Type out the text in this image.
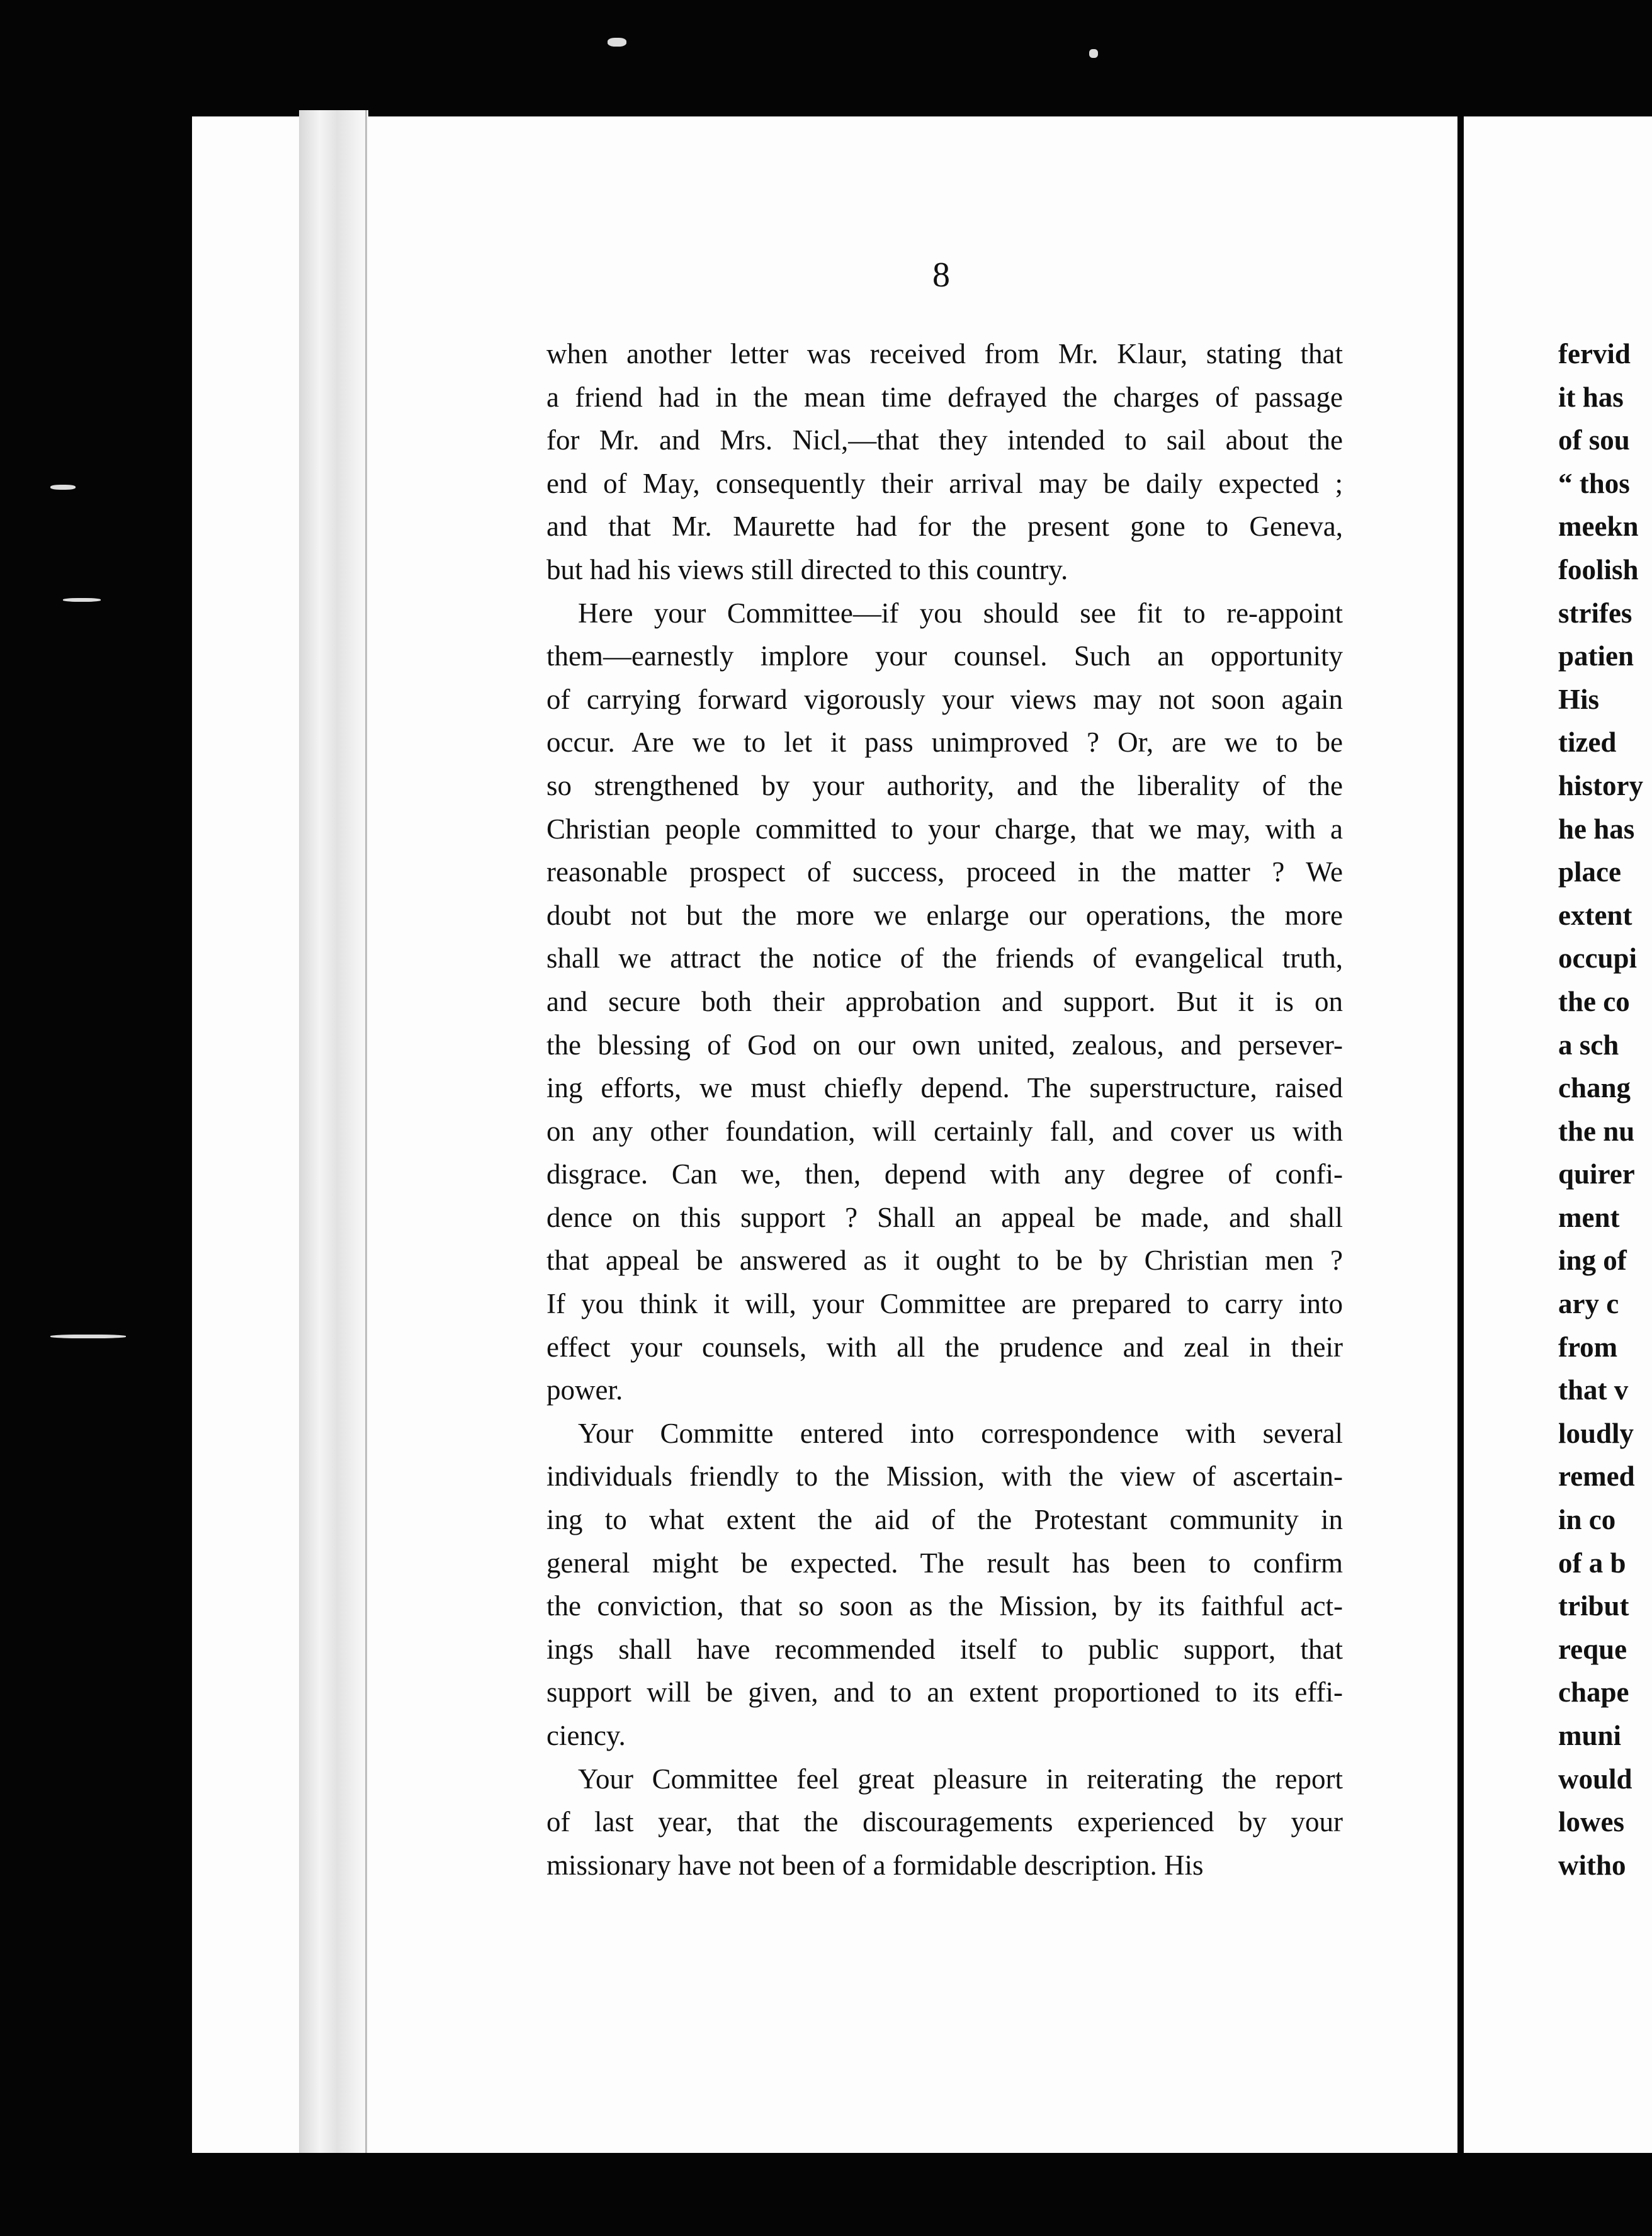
fervid
it has
of sou
“ thos
meekn
foolish
strifes
patien
His
tized
history
he has
place
extent
occupi
the co
a sch
chang
the nu
quirer
ment
ing of
ary c
from
that v
loudly
remed
in co
of a b
tribut
reque
chape
muni
would
lowes
witho
8
when another letter was received from Mr. Klaur, stating that
a friend had in the mean time defrayed the charges of passage
for Mr. and Mrs. Nicl,—that they intended to sail about the
end of May, consequently their arrival may be daily expected ;
and that Mr. Maurette had for the present gone to Geneva,
but had his views still directed to this country.
Here your Committee—if you should see fit to re-appoint
them—earnestly implore your counsel. Such an opportunity
of carrying forward vigorously your views may not soon again
occur. Are we to let it pass unimproved ? Or, are we to be
so strengthened by your authority, and the liberality of the
Christian people committed to your charge, that we may, with a
reasonable prospect of success, proceed in the matter ? We
doubt not but the more we enlarge our operations, the more
shall we attract the notice of the friends of evangelical truth,
and secure both their approbation and support. But it is on
the blessing of God on our own united, zealous, and persever-
ing efforts, we must chiefly depend. The superstructure, raised
on any other foundation, will certainly fall, and cover us with
disgrace. Can we, then, depend with any degree of confi-
dence on this support ? Shall an appeal be made, and shall
that appeal be answered as it ought to be by Christian men ?
If you think it will, your Committee are prepared to carry into
effect your counsels, with all the prudence and zeal in their
power.
Your Committe entered into correspondence with several
individuals friendly to the Mission, with the view of ascertain-
ing to what extent the aid of the Protestant community in
general might be expected. The result has been to confirm
the conviction, that so soon as the Mission, by its faithful act-
ings shall have recommended itself to public support, that
support will be given, and to an extent proportioned to its effi-
ciency.
Your Committee feel great pleasure in reiterating the report
of last year, that the discouragements experienced by your
missionary have not been of a formidable description. His
